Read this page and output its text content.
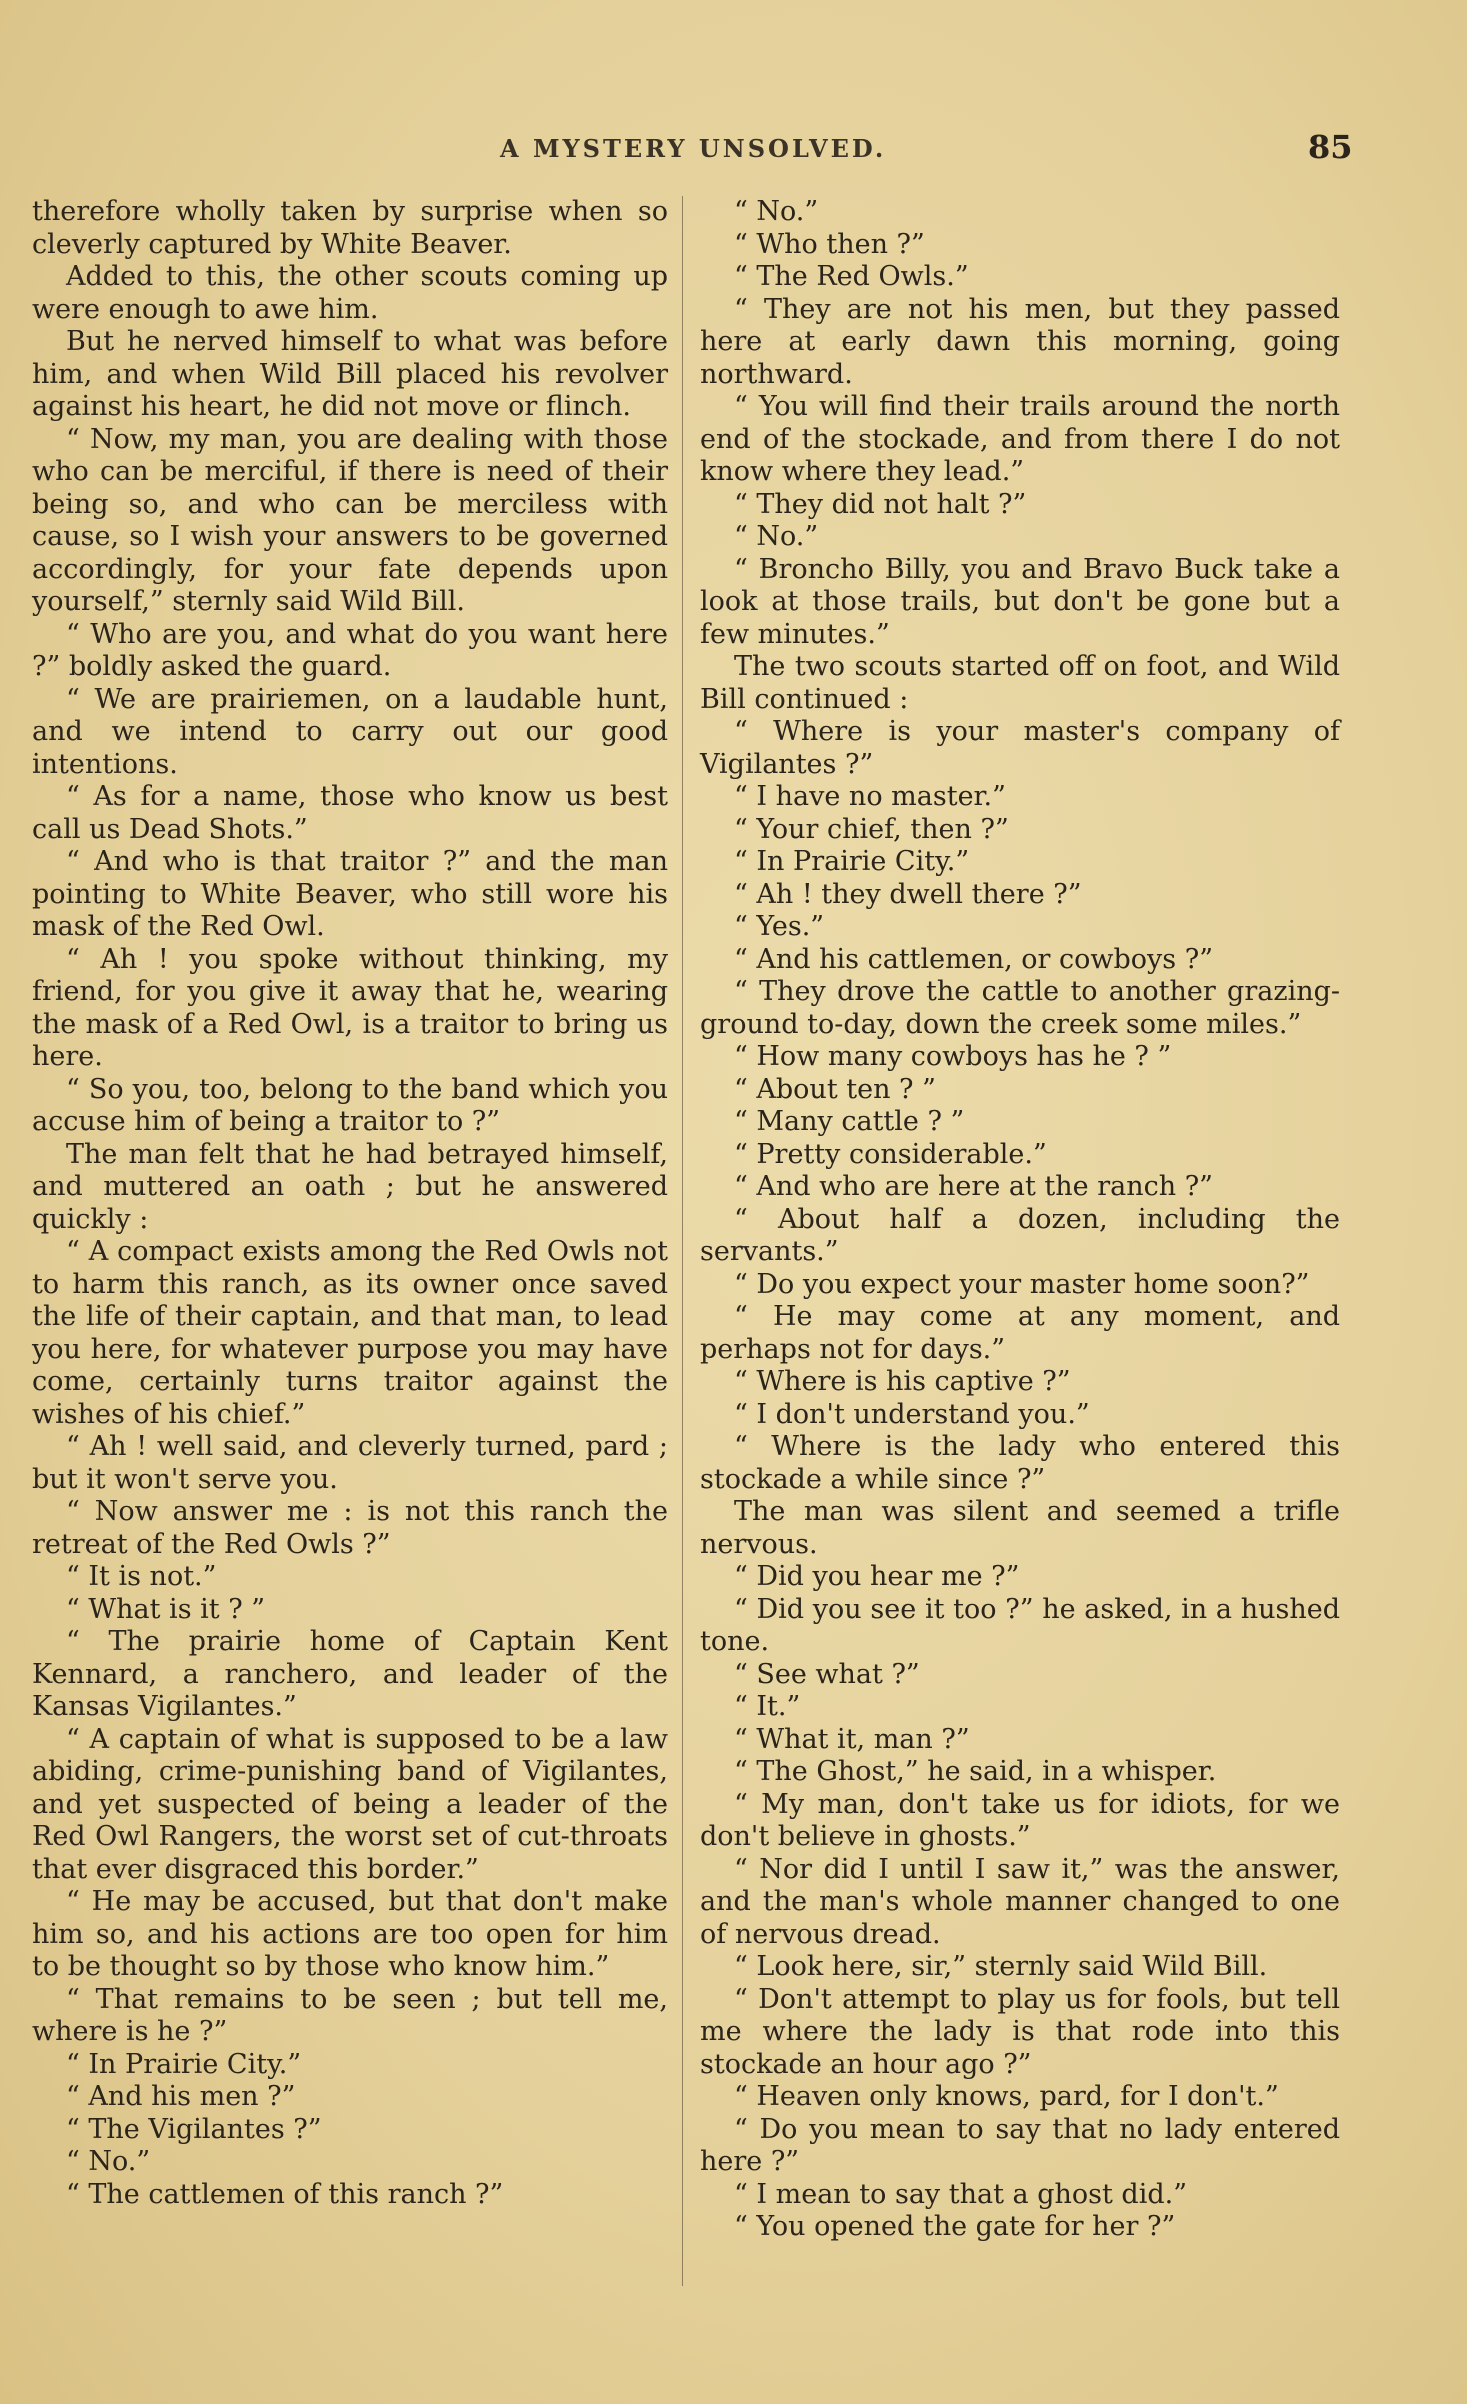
A MYSTERY UNSOLVED.	85

therefore wholly taken by surprise when so cleverly captured by White Beaver.

Added to this, the other scouts coming up were enough to awe him.

But he nerved himself to what was before him, and when Wild Bill placed his revolver against his heart, he did not move or flinch.

“ Now, my man, you are dealing with those who can be merciful, if there is need of their being so, and who can be merciless with cause, so I wish your answers to be governed accordingly, for your fate depends upon yourself,” sternly said Wild Bill.

“ Who are you, and what do you want here ?” boldly asked the guard.

“ We are prairiemen, on a laudable hunt, and we intend to carry out our good intentions.

“ As for a name, those who know us best call us Dead Shots.”

“ And who is that traitor ?” and the man pointing to White Beaver, who still wore his mask of the Red Owl.

“ Ah ! you spoke without thinking, my friend, for you give it away that he, wearing the mask of a Red Owl, is a traitor to bring us here.

“ So you, too, belong to the band which you accuse him of being a traitor to ?”

The man felt that he had betrayed himself, and muttered an oath ; but he answered quickly :

“ A compact exists among the Red Owls not to harm this ranch, as its owner once saved the life of their captain, and that man, to lead you here, for whatever purpose you may have come, certainly turns traitor against the wishes of his chief.”

“ Ah ! well said, and cleverly turned, pard ; but it won't serve you.

“ Now answer me : is not this ranch the retreat of the Red Owls ?”

“ It is not.”

“ What is it ? ”

“ The prairie home of Captain Kent Kennard, a ranchero, and leader of the Kansas Vigilantes.”

“ A captain of what is supposed to be a law abiding, crime-punishing band of Vigilantes, and yet suspected of being a leader of the Red Owl Rangers, the worst set of cut-throats that ever disgraced this border.”

“ He may be accused, but that don't make him so, and his actions are too open for him to be thought so by those who know him.”

“ That remains to be seen ; but tell me, where is he ?”

“ In Prairie City.”

“ And his men ?”

“ The Vigilantes ?”

“ No.”

“ The cattlemen of this ranch ?”

“ No.”

“ Who then ?”

“ The Red Owls.”

“ They are not his men, but they passed here at early dawn this morning, going northward.

“ You will find their trails around the north end of the stockade, and from there I do not know where they lead.”

“ They did not halt ?”

“ No.”

“ Broncho Billy, you and Bravo Buck take a look at those trails, but don't be gone but a few minutes.”

The two scouts started off on foot, and Wild Bill continued :

“ Where is your master's company of Vigilantes ?”

“ I have no master.”

“ Your chief, then ?”

“ In Prairie City.”

“ Ah ! they dwell there ?”

“ Yes.”

“ And his cattlemen, or cowboys ?”

“ They drove the cattle to another grazing-ground to-day, down the creek some miles.”

“ How many cowboys has he ? ”

“ About ten ? ”

“ Many cattle ? ”

“ Pretty considerable.”

“ And who are here at the ranch ?”

“ About half a dozen, including the servants.”

“ Do you expect your master home soon?”

“ He may come at any moment, and perhaps not for days.”

“ Where is his captive ?”

“ I don't understand you.”

“ Where is the lady who entered this stockade a while since ?”

The man was silent and seemed a trifle nervous.

“ Did you hear me ?”

“ Did you see it too ?” he asked, in a hushed tone.

“ See what ?”

“ It.”

“ What it, man ?”

“ The Ghost,” he said, in a whisper.

“ My man, don't take us for idiots, for we don't believe in ghosts.”

“ Nor did I until I saw it,” was the answer, and the man's whole manner changed to one of nervous dread.

“ Look here, sir,” sternly said Wild Bill.

“ Don't attempt to play us for fools, but tell me where the lady is that rode into this stockade an hour ago ?”

“ Heaven only knows, pard, for I don't.”

“ Do you mean to say that no lady entered here ?”

“ I mean to say that a ghost did.”

“ You opened the gate for her ?”
